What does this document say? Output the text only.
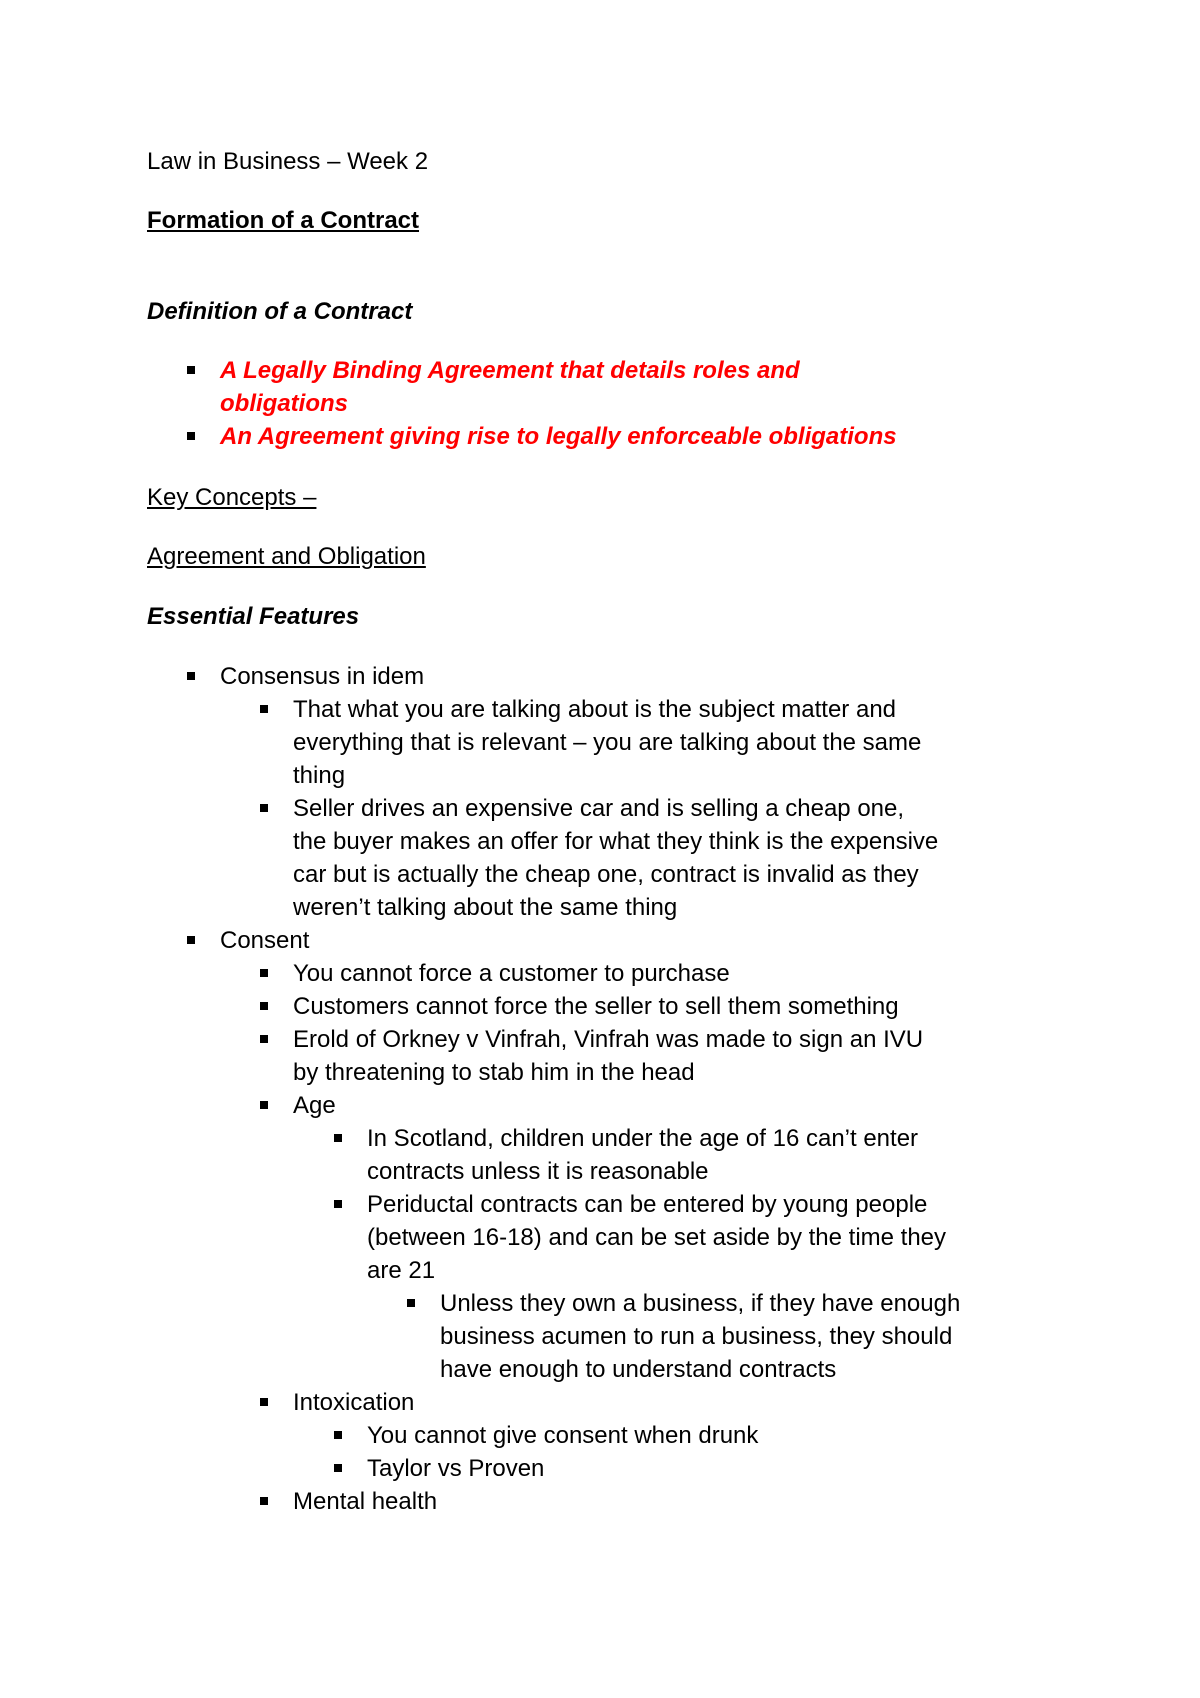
Law in Business – Week 2
Formation of a Contract
Definition of a Contract
A Legally Binding Agreement that details roles and
obligations
An Agreement giving rise to legally enforceable obligations
Key Concepts –
Agreement and Obligation
Essential Features
Consensus in idem
That what you are talking about is the subject matter and
everything that is relevant – you are talking about the same
thing
Seller drives an expensive car and is selling a cheap one,
the buyer makes an offer for what they think is the expensive
car but is actually the cheap one, contract is invalid as they
weren’t talking about the same thing
Consent
You cannot force a customer to purchase
Customers cannot force the seller to sell them something
Erold of Orkney v Vinfrah, Vinfrah was made to sign an IVU
by threatening to stab him in the head
Age
In Scotland, children under the age of 16 can’t enter
contracts unless it is reasonable
Periductal contracts can be entered by young people
(between 16-18) and can be set aside by the time they
are 21
Unless they own a business, if they have enough
business acumen to run a business, they should
have enough to understand contracts
Intoxication
You cannot give consent when drunk
Taylor vs Proven
Mental health
